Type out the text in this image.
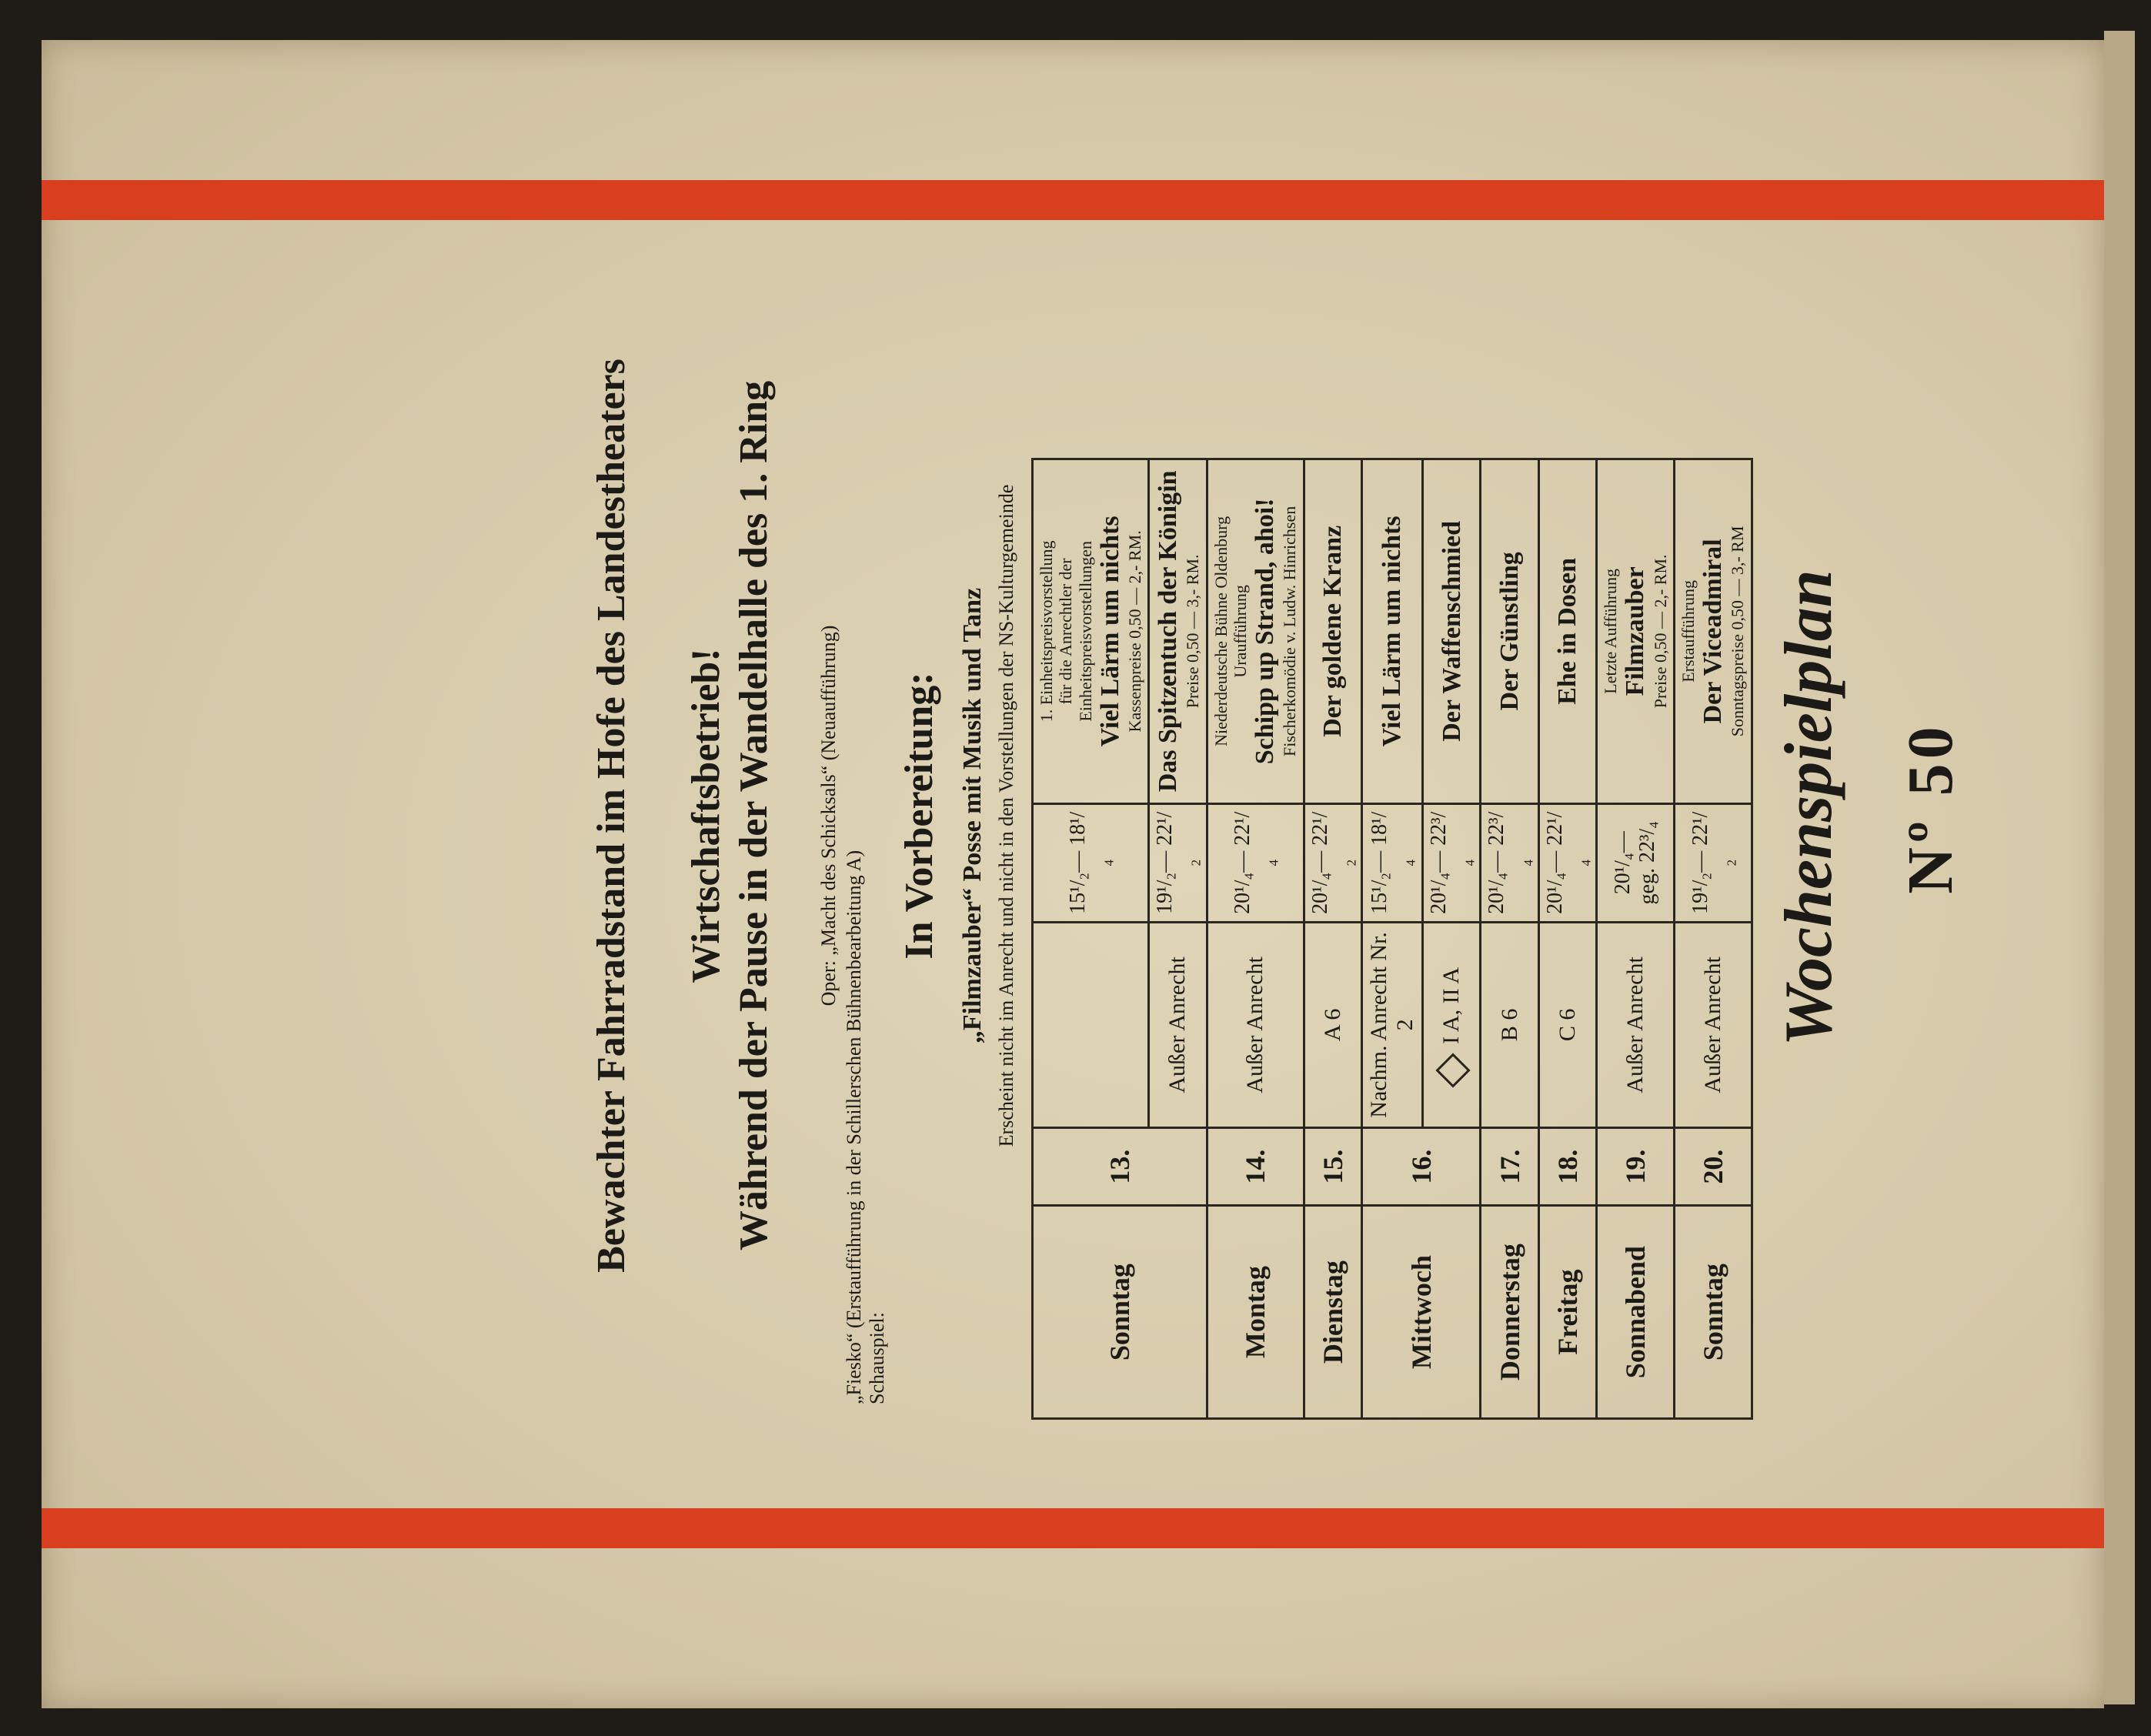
Nº 50
Wochenspielplan
Sonntag	13.		15¹/₂— 18¹/₄	1. Einheitspreisvorstellung für die Anrechtler der Einheitspreisvorstellungen Viel Lärm um nichts Kassenpreise 0,50 — 2,- RM.

		Außer Anrecht	19¹/₂— 22¹/₂	Das Spitzentuch der Königin Preise 0,50 — 3,- RM.

Montag	14.	Außer Anrecht	20¹/₄— 22¹/₄	Niederdeutsche Bühne Oldenburg Uraufführung Schipp up Strand, ahoi! Fischerkomödie v. Ludw. Hinrichsen

Dienstag	15.	A 6	20¹/₄— 22¹/₂	Der goldene Kranz

Mittwoch	16.	Nachm. Anrecht Nr. 2	15¹/₂— 18¹/₄	Viel Lärm um nichts

		I A, II A	20¹/₄— 22³/₄	Der Waffenschmied

Donnerstag	17.	B 6	20¹/₄— 22³/₄	Der Günstling

Freitag	18.	C 6	20¹/₄— 22¹/₄	Ehe in Dosen

Sonnabend	19.	Außer Anrecht	20¹/₄— geg. 22³/₄	Letzte Aufführung Filmzauber Preise 0,50 — 2,- RM.

Sonntag	20.	Außer Anrecht	19¹/₂— 22¹/₂	Erstaufführung Der Viceadmiral Sonntagspreise 0,50 — 3,- RM
„Filmzauber“ Posse mit Musik und Tanz Erscheint nicht im Anrecht und nicht in den Vorstellungen der NS-Kulturgemeinde
In Vorbereitung:
Schauspiel:
„Fiesko“ (Erstaufführung in der Schillerschen Bühnenbearbeitung A)
Oper: „Macht des Schicksals“ (Neuaufführung)
Während der Pause in der Wandelhalle des 1. Ring
Wirtschaftsbetrieb!
Bewachter Fahrradstand im Hofe des Landestheaters
